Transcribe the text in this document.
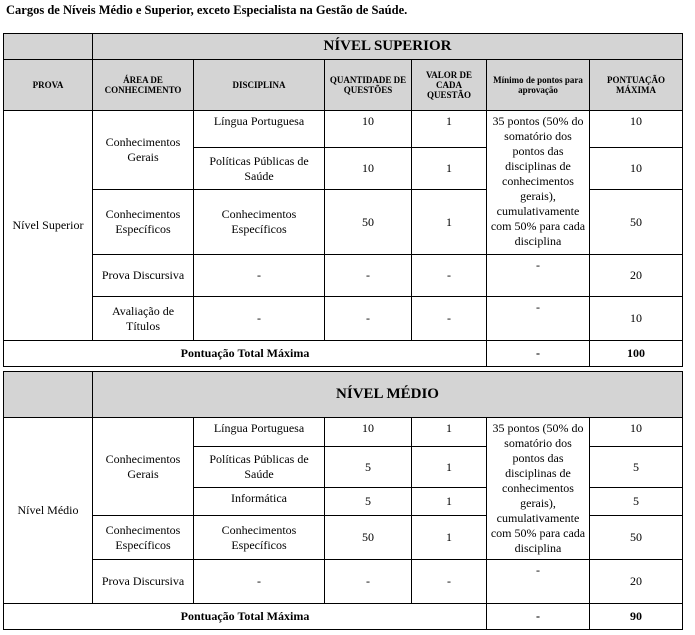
Cargos de Níveis Médio e Superior, exceto Especialista na Gestão de Saúde.
	NÍVEL SUPERIOR					
PROVA	ÁREA DE CONHECIMENTO	DISCIPLINA	QUANTIDADE DE QUESTÕES	VALOR DE CADA QUESTÃO	Mínimo de pontos para aprovação	PONTUAÇÃO MÁXIMA
Nível Superior	Conhecimentos Gerais	Língua Portuguesa	10	1	35 pontos (50% do somatório dos pontos das disciplinas de conhecimentos gerais), cumulativamente com 50% para cada disciplina	10
		Políticas Públicas de Saúde	10	1		10
	Conhecimentos Específicos	Conhecimentos Específicos	50	1		50
	Prova Discursiva	-	-	-	-	20
	Avaliação de Títulos	-	-	-	-	10
Pontuação Total Máxima					-	100
	NÍVEL MÉDIO					
Nível Médio	Conhecimentos Gerais	Língua Portuguesa	10	1	35 pontos (50% do somatório dos pontos das disciplinas de conhecimentos gerais), cumulativamente com 50% para cada disciplina	10
		Políticas Públicas de Saúde	5	1		5
		Informática	5	1		5
	Conhecimentos Específicos	Conhecimentos Específicos	50	1		50
	Prova Discursiva	-	-	-	-	20
Pontuação Total Máxima					-	90
